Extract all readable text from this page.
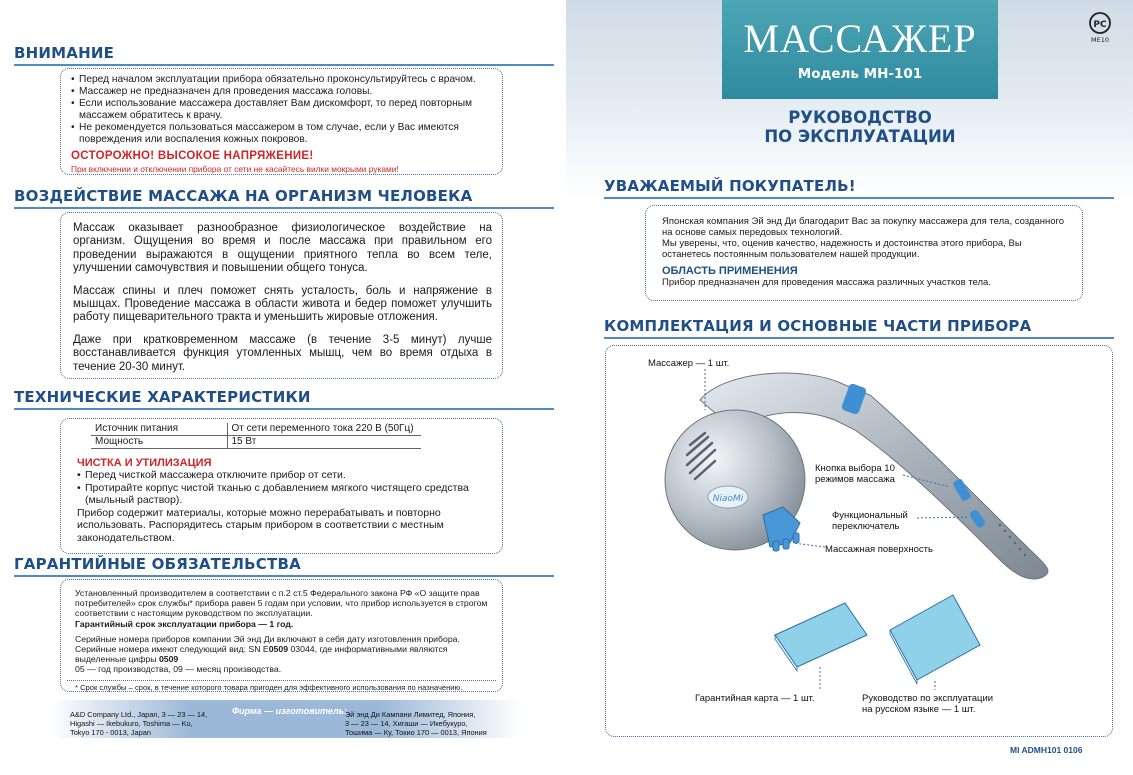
ВНИМАНИЕ
• Перед началом эксплуатации прибора обязательно проконсультируйтесь с врачом.
• Массажер не предназначен для проведения массажа головы.
• Если использование массажера доставляет Вам дискомфорт, то перед повторным массажем обратитесь к врачу.
• Не рекомендуется пользоваться массажером в том случае, если у Вас имеются повреждения или воспаления кожных покровов.
ОСТОРОЖНО! ВЫСОКОЕ НАПРЯЖЕНИЕ!
При включении и отключении прибора от сети не касайтесь вилки мокрыми руками!
ВОЗДЕЙСТВИЕ МАССАЖА НА ОРГАНИЗМ ЧЕЛОВЕКА

Массаж оказывает разнообразное физиологическое воздействие на организм. Ощущения во время и после массажа при правильном его проведении выражаются в ощущении приятного тепла во всем теле, улучшении самочувствия и повышении общего тонуса.

Массаж спины и плеч поможет снять усталость, боль и напряжение в мышцах. Проведение массажа в области живота и бедер поможет улучшить работу пищеварительного тракта и уменьшить жировые отложения.

Даже при кратковременном массаже (в течение 3-5 минут) лучше восстанавливается функция утомленных мышц, чем во время отдыха в течение 20-30 минут.

ТЕХНИЧЕСКИЕ ХАРАКТЕРИСТИКИ
Источник питания	От сети переменного тока 220 В (50Гц)
Мощность	15 Вт
ЧИСТКА И УТИЛИЗАЦИЯ
• Перед чисткой массажера отключите прибор от сети.
• Протирайте корпус чистой тканью с добавлением мягкого чистящего средства (мыльный раствор).
Прибор содержит материалы, которые можно перерабатывать и повторно использовать. Распорядитесь старым прибором в соответствии с местным законодательством.
ГАРАНТИЙНЫЕ ОБЯЗАТЕЛЬСТВА
Установленный производителем в соответствии с п.2 ст.5 Федерального закона РФ «О защите прав потребителей» срок службы* прибора равен 5 годам при условии, что прибор используется в строгом соответствии с настоящим руководством по эксплуатации.
Гарантийный срок эксплуатации прибора — 1 год.
Серийные номера приборов компании Эй энд Ди включают в себя дату изготовления прибора. Серийные номера имеют следующий вид: SN E0509 03044, где информативными являются выделенные цифры 0509
05 — год производства, 09 — месяц производства.
* Срок службы – срок, в течение которого товара пригоден для эффективного использования по назначению.
Фирма — изготовитель:
A&D Company Ltd., Japan, 3 — 23 — 14,
Higashi — Ikebukuro, Toshima — Ku,
Tokyo 170 - 0013, Japan
Эй энд Ди Кампани Лимитед, Япония,
3 — 23 — 14, Хигаши — Икебукуро,
Тошима — Ку, Токио 170 — 0013, Япония
МАССАЖЕР
Модель МН-101
РУКОВОДСТВО
ПО ЭКСПЛУАТАЦИИ
PC
МЕ10
УВАЖАЕМЫЙ ПОКУПАТЕЛЬ!
Японская компания Эй энд Ди благодарит Вас за покупку массажера для тела, созданного на основе самых передовых технологий.
Мы уверены, что, оценив качество, надежность и достоинства этого прибора, Вы останетесь постоянным пользователем нашей продукции.
ОБЛАСТЬ ПРИМЕНЕНИЯ
Прибор предназначен для проведения массажа различных участков тела.
КОМПЛЕКТАЦИЯ И ОСНОВНЫЕ ЧАСТИ ПРИБОРА
NiaoMi
Массажер — 1 шт.
Кнопка выбора 10
режимов массажа
Функциональный
переключатель
Массажная поверхность
Гарантийная карта — 1 шт.	Руководство по эксплуатации
на русском языке — 1 шт.
MI ADMH101 0106
